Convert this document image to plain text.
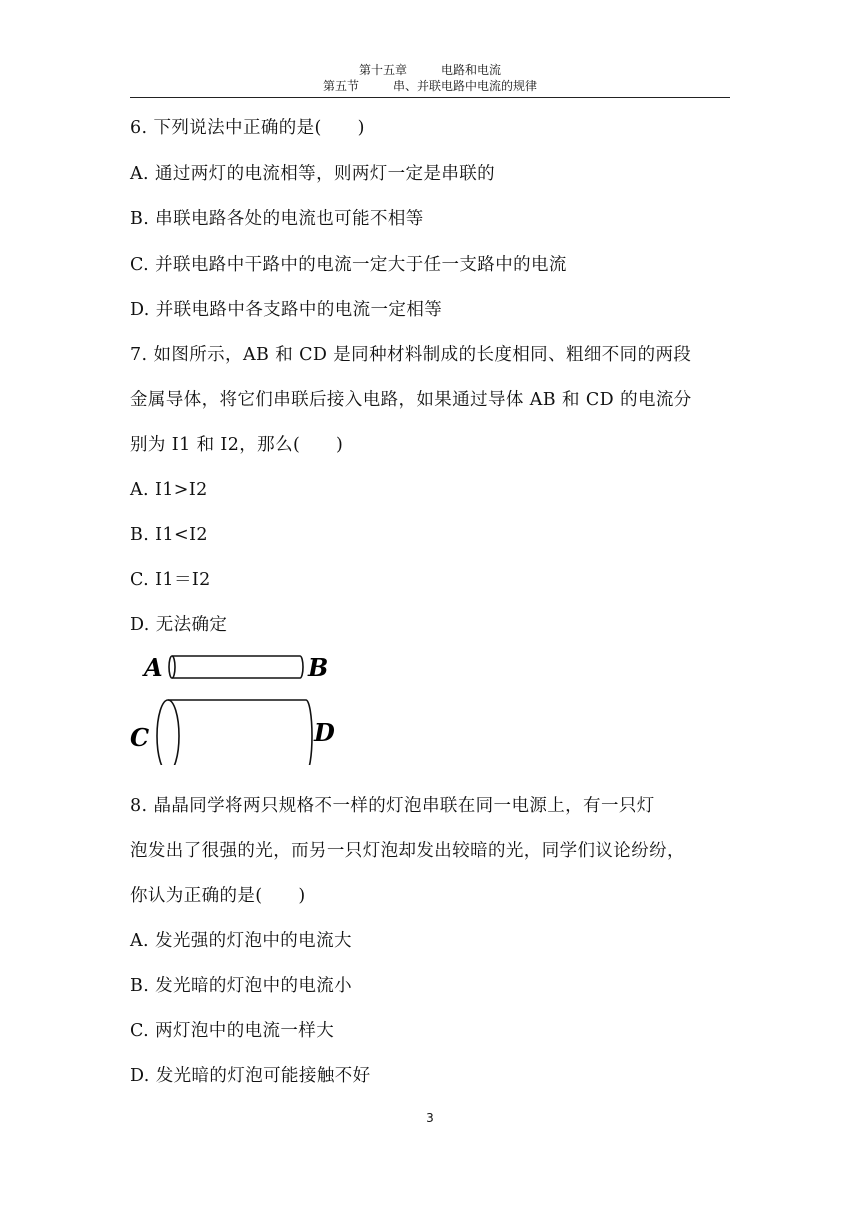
第十五章	电路和电流
第五节	串、并联电路中电流的规律
6. 下列说法中正确的是(　　)
A. 通过两灯的电流相等，则两灯一定是串联的
B. 串联电路各处的电流也可能不相等
C. 并联电路中干路中的电流一定大于任一支路中的电流
D. 并联电路中各支路中的电流一定相等
7. 如图所示，AB 和 CD 是同种材料制成的长度相同、粗细不同的两段
金属导体，将它们串联后接入电路，如果通过导体 AB 和 CD 的电流分
别为 I1 和 I2，那么(　　)
A. I1>I2
B. I1<I2
C. I1＝I2
D. 无法确定
A	B
C	D
8. 晶晶同学将两只规格不一样的灯泡串联在同一电源上，有一只灯
泡发出了很强的光，而另一只灯泡却发出较暗的光，同学们议论纷纷，
你认为正确的是(　　)
A. 发光强的灯泡中的电流大
B. 发光暗的灯泡中的电流小
C. 两灯泡中的电流一样大
D. 发光暗的灯泡可能接触不好
3
